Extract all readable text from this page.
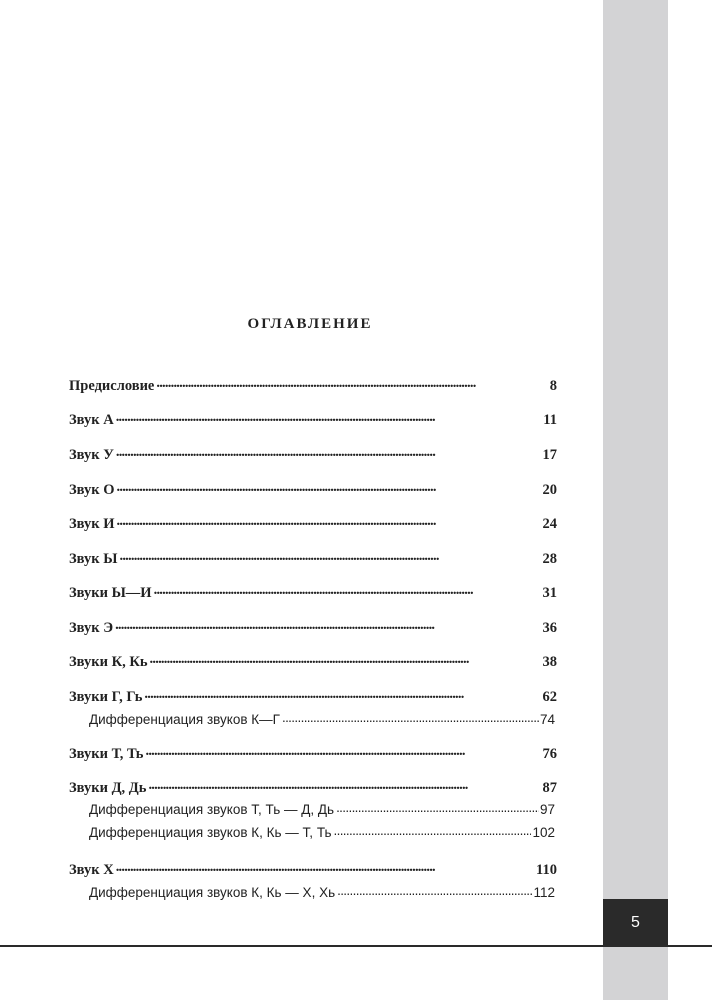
5
ОГЛАВЛЕНИЕ
Предисловие . . .	8
Звук А . . .	11
Звук У . . .	17
Звук О . . .	20
Звук И . . .	24
Звук Ы . . .	28
Звуки Ы—И . . .	31
Звук Э . . .	36
Звуки К, Кь . . .	38
Звуки Г, Гь . . .	62
Дифференциация звуков К—Г . . .	74
Звуки Т, Ть . . .	76
Звуки Д, Дь . . .	87
Дифференциация звуков Т, Ть — Д, Дь . . .	97
Дифференциация звуков К, Кь — Т, Ть . . .	102
Звук Х . . .	110
Дифференциация звуков К, Кь — Х, Хь . . .	112
